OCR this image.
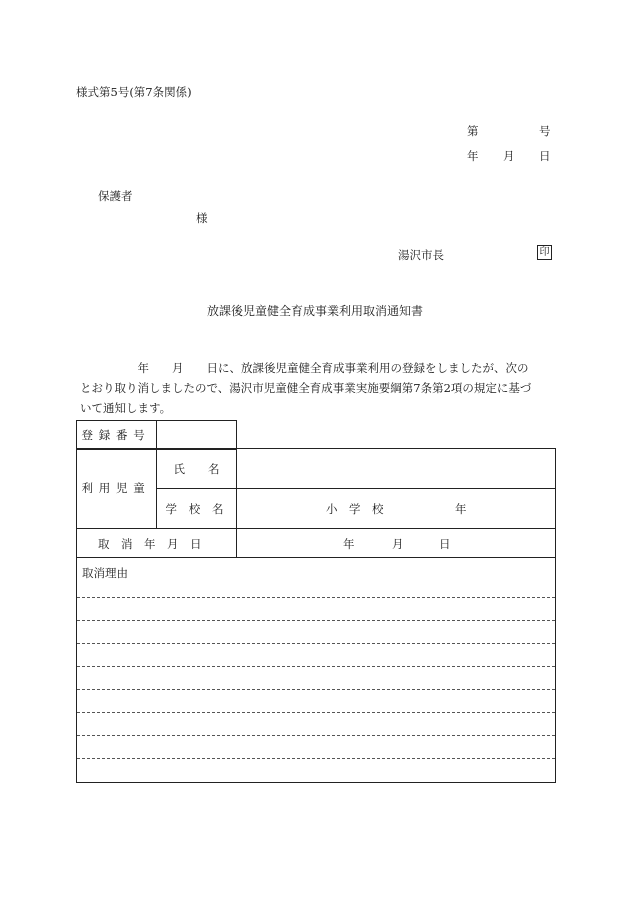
様式第5号(第7条関係)
第	号
年 月 日
保護者
様
湯沢市長	印
放課後児童健全育成事業利用取消通知書
　　　　　年　　月　　日に、放課後児童健全育成事業利用の登録をしましたが、次の
とおり取り消しましたので、湯沢市児童健全育成事業実施要綱第7条第2項の規定に基づ
いて通知します。
登録番号
利用児童
氏　　名
学 校 名	小　学　校	年
取　消　年　月　日	年	月	日
取消理由
